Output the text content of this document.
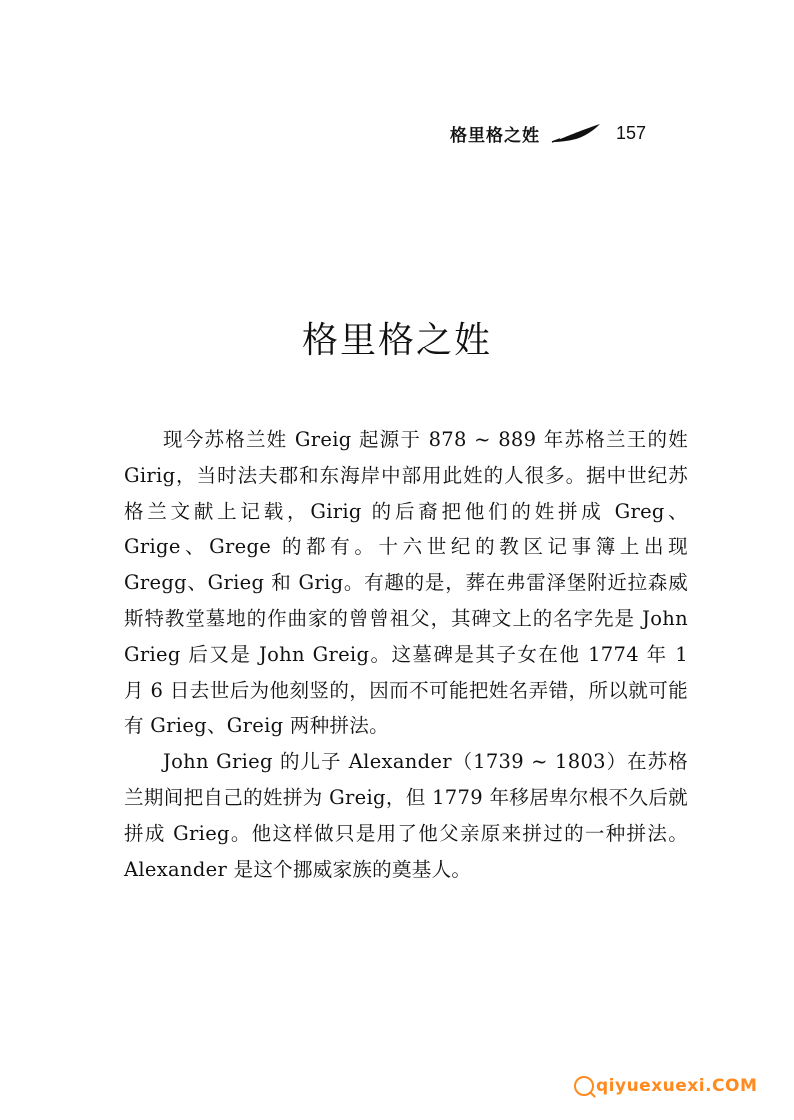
格里格之姓	157
格里格之姓

现今苏格兰姓 Greig 起源于 878 ~ 889 年苏格兰王的姓 Girig，当时法夫郡和东海岸中部用此姓的人很多。据中世纪苏格兰文献上记载，Girig 的后裔把他们的姓拼成 Greg、Grige、Grege 的都有。十六世纪的教区记事簿上出现 Gregg、Grieg 和 Grig。有趣的是，葬在弗雷泽堡附近拉森威斯特教堂墓地的作曲家的曾曾祖父，其碑文上的名字先是 John Grieg 后又是 John Greig。这墓碑是其子女在他 1774 年 1 月 6 日去世后为他刻竖的，因而不可能把姓名弄错，所以就可能有 Grieg、Greig 两种拼法。

John Grieg 的儿子 Alexander（1739 ~ 1803）在苏格兰期间把自己的姓拼为 Greig，但 1779 年移居卑尔根不久后就拼成 Grieg。他这样做只是用了他父亲原来拼过的一种拼法。Alexander 是这个挪威家族的奠基人。

qiyuexuexi.COM
